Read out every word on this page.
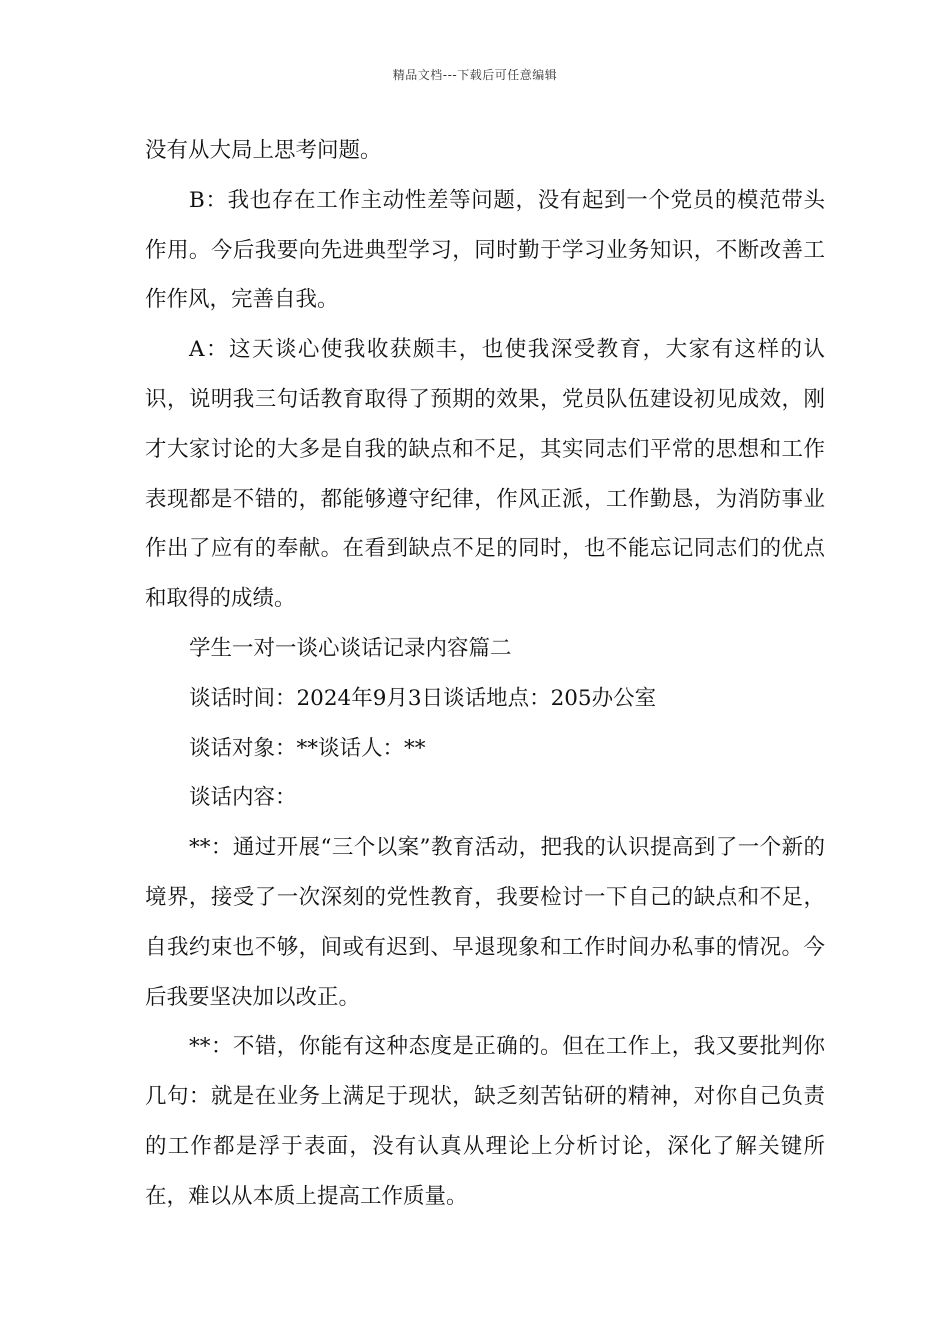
精品文档---下载后可任意编辑

没有从大局上思考问题。

B：我也存在工作主动性差等问题，没有起到一个党员的模范带头作用。今后我要向先进典型学习，同时勤于学习业务知识，不断改善工作作风，完善自我。

A：这天谈心使我收获颇丰，也使我深受教育，大家有这样的认识，说明我三句话教育取得了预期的效果，党员队伍建设初见成效，刚才大家讨论的大多是自我的缺点和不足，其实同志们平常的思想和工作表现都是不错的，都能够遵守纪律，作风正派，工作勤恳，为消防事业作出了应有的奉献。在看到缺点不足的同时，也不能忘记同志们的优点和取得的成绩。

学生一对一谈心谈话记录内容篇二

谈话时间：2024年9月3日谈话地点：205办公室

谈话对象：**谈话人：**

谈话内容：

**：通过开展“三个以案”教育活动，把我的认识提高到了一个新的境界，接受了一次深刻的党性教育，我要检讨一下自己的缺点和不足，自我约束也不够，间或有迟到、早退现象和工作时间办私事的情况。今后我要坚决加以改正。

**：不错，你能有这种态度是正确的。但在工作上，我又要批判你几句：就是在业务上满足于现状，缺乏刻苦钻研的精神，对你自己负责的工作都是浮于表面，没有认真从理论上分析讨论，深化了解关键所在，难以从本质上提高工作质量。
